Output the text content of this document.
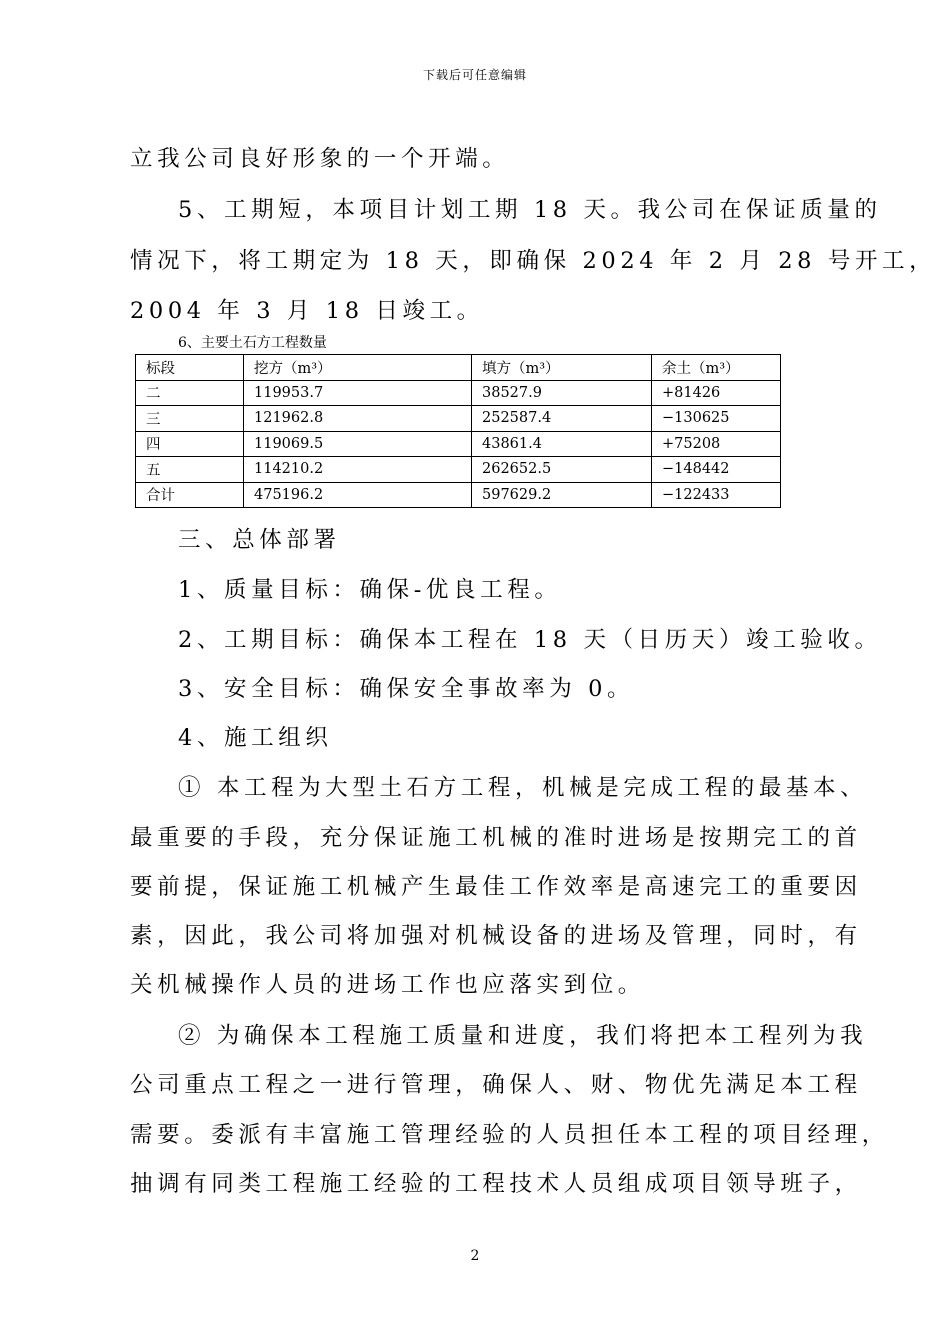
下载后可任意编辑
立我公司良好形象的一个开端。
5、工期短，本项目计划工期 18 天。我公司在保证质量的
情况下，将工期定为 18 天，即确保 2024 年 2 月 28 号开工，
2004 年 3 月 18 日竣工。
6、主要土石方工程数量
标段	挖方（m³）	填方（m³）	余土（m³）
二	119953.7	38527.9	+81426
三	121962.8	252587.4	−130625
四	119069.5	43861.4	+75208
五	114210.2	262652.5	−148442
合计	475196.2	597629.2	−122433
三、总体部署
1、质量目标：确保-优良工程。
2、工期目标：确保本工程在 18 天（日历天）竣工验收。
3、安全目标：确保安全事故率为 0。
4、施工组织
① 本工程为大型土石方工程，机械是完成工程的最基本、
最重要的手段，充分保证施工机械的准时进场是按期完工的首
要前提，保证施工机械产生最佳工作效率是高速完工的重要因
素，因此，我公司将加强对机械设备的进场及管理，同时，有
关机械操作人员的进场工作也应落实到位。
② 为确保本工程施工质量和进度，我们将把本工程列为我
公司重点工程之一进行管理，确保人、财、物优先满足本工程
需要。委派有丰富施工管理经验的人员担任本工程的项目经理，
抽调有同类工程施工经验的工程技术人员组成项目领导班子，
2
